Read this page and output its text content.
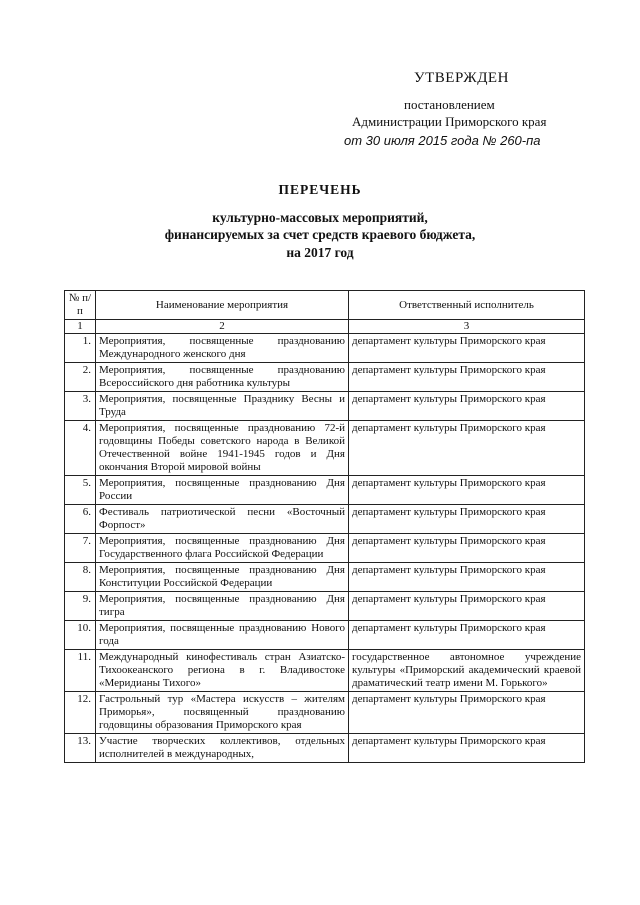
УТВЕРЖДЕН
постановлением
Администрации Приморского края
от 30 июля 2015 года № 260-па
ПЕРЕЧЕНЬ
культурно-массовых мероприятий,
финансируемых за счет средств краевого бюджета,
на 2017 год
№ п/п	Наименование мероприятия	Ответственный исполнитель
1	2	3
1.	Мероприятия, посвященные празднованию Международного женского дня	департамент культуры Приморского края
2.	Мероприятия, посвященные празднованию Всероссийского дня работника культуры	департамент культуры Приморского края
3.	Мероприятия, посвященные Празднику Весны и Труда	департамент культуры Приморского края
4.	Мероприятия, посвященные празднованию 72-й годовщины Победы советского народа в Великой Отечественной войне 1941-1945 годов и Дня окончания Второй мировой войны	департамент культуры Приморского края
5.	Мероприятия, посвященные празднованию Дня России	департамент культуры Приморского края
6.	Фестиваль патриотической песни «Восточный Форпост»	департамент культуры Приморского края
7.	Мероприятия, посвященные празднованию Дня Государственного флага Российской Федерации	департамент культуры Приморского края
8.	Мероприятия, посвященные празднованию Дня Конституции Российской Федерации	департамент культуры Приморского края
9.	Мероприятия, посвященные празднованию Дня тигра	департамент культуры Приморского края
10.	Мероприятия, посвященные празднованию Нового года	департамент культуры Приморского края
11.	Международный кинофестиваль стран Азиатско-Тихоокеанского региона в г. Владивостоке «Меридианы Тихого»	государственное автономное учреждение культуры «Приморский академический краевой драматический театр имени М. Горького»
12.	Гастрольный тур «Мастера искусств – жителям Приморья», посвященный празднованию годовщины образования Приморского края	департамент культуры Приморского края
13.	Участие творческих коллективов, отдельных исполнителей в международных,	департамент культуры Приморского края
